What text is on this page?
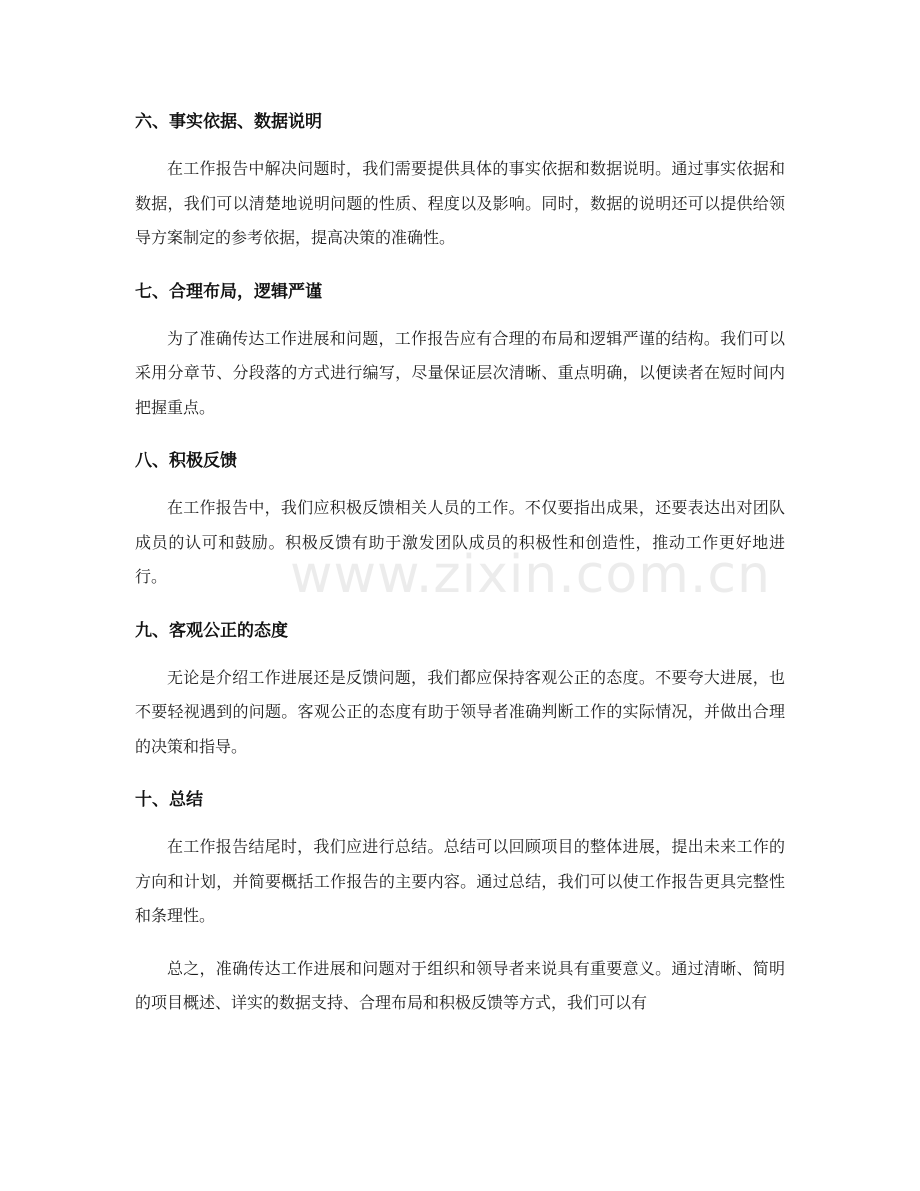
www.zixin.com.cn
六、事实依据、数据说明

在工作报告中解决问题时，我们需要提供具体的事实依据和数据说明。通过事实依据和数据，我们可以清楚地说明问题的性质、程度以及影响。同时，数据的说明还可以提供给领导方案制定的参考依据，提高决策的准确性。

七、合理布局，逻辑严谨

为了准确传达工作进展和问题，工作报告应有合理的布局和逻辑严谨的结构。我们可以采用分章节、分段落的方式进行编写，尽量保证层次清晰、重点明确，以便读者在短时间内把握重点。

八、积极反馈

在工作报告中，我们应积极反馈相关人员的工作。不仅要指出成果，还要表达出对团队成员的认可和鼓励。积极反馈有助于激发团队成员的积极性和创造性，推动工作更好地进行。

九、客观公正的态度

无论是介绍工作进展还是反馈问题，我们都应保持客观公正的态度。不要夸大进展，也不要轻视遇到的问题。客观公正的态度有助于领导者准确判断工作的实际情况，并做出合理的决策和指导。

十、总结

在工作报告结尾时，我们应进行总结。总结可以回顾项目的整体进展，提出未来工作的方向和计划，并简要概括工作报告的主要内容。通过总结，我们可以使工作报告更具完整性和条理性。

总之，准确传达工作进展和问题对于组织和领导者来说具有重要意义。通过清晰、简明的项目概述、详实的数据支持、合理布局和积极反馈等方式，我们可以有
